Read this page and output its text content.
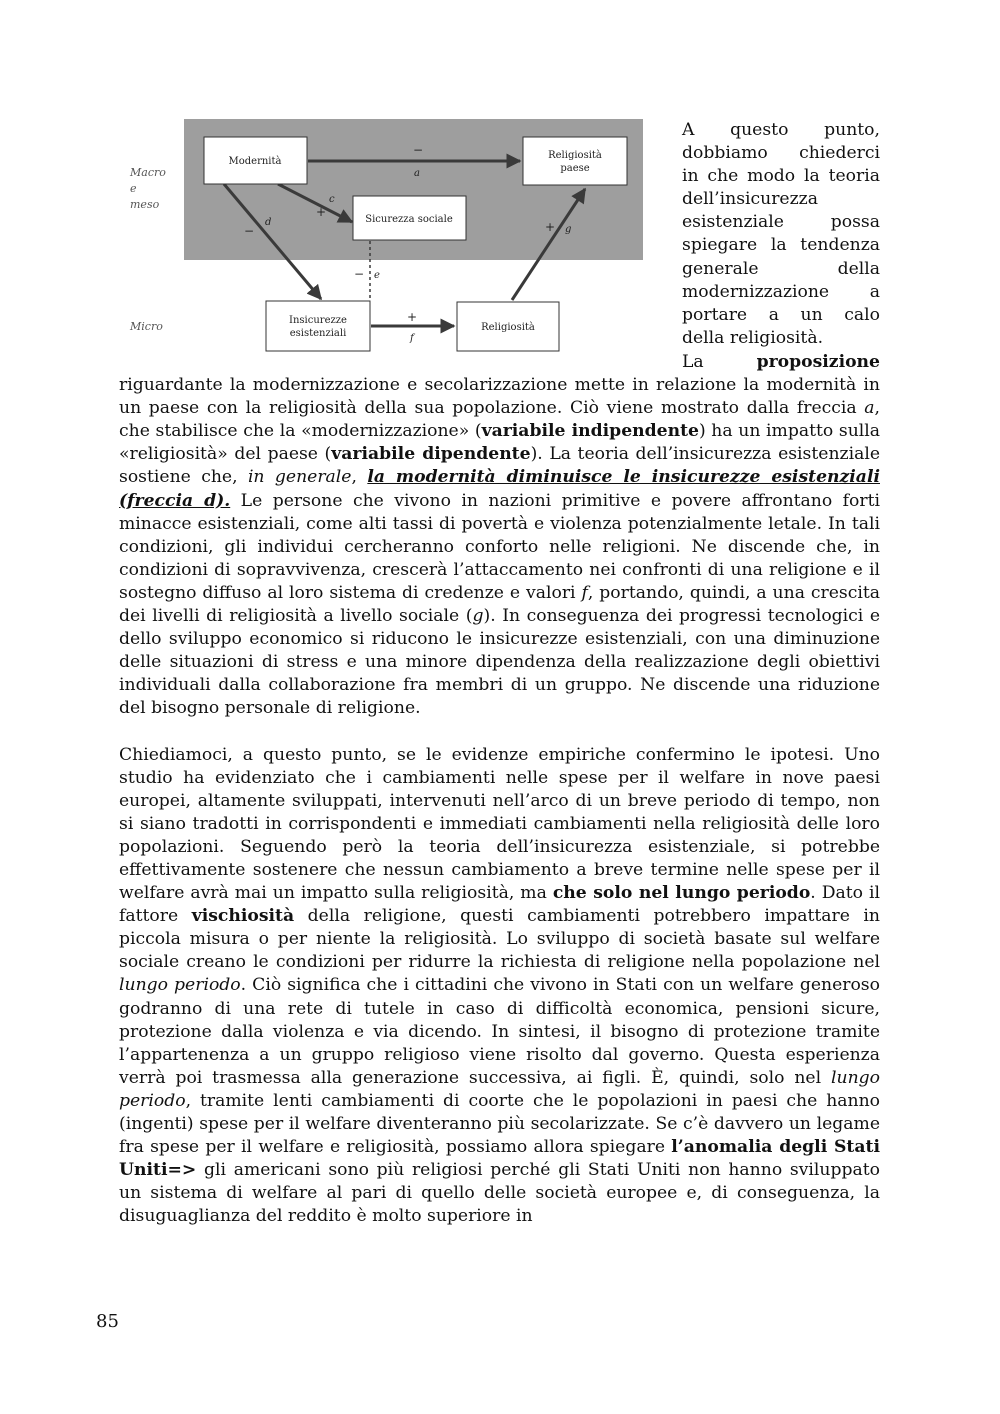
Macro
e
meso
Micro
−
a
+
c
−
d
− e
+
f
+ g
Modernità
Religiosità
paese
Sicurezza sociale
Insicurezze
esistenziali
Religiosità
A questo punto,
dobbiamo chiederci
in che modo la teoria
dell’insicurezza
esistenziale possa
spiegare la tendenza
generale della
modernizzazione a
portare a un calo
della religiosità.

La proposizione riguardante la modernizzazione e secolarizzazione mette in relazione la modernità in un paese con la religiosità della sua popolazione. Ciò viene mostrato dalla freccia a, che stabilisce che la «modernizzazione» (variabile indipendente) ha un impatto sulla «religiosità» del paese (variabile dipendente). La teoria dell’insicurezza esistenziale sostiene che, in generale, la modernità diminuisce le insicurezze esistenziali (freccia d). Le persone che vivono in nazioni primitive e povere affrontano forti minacce esistenziali, come alti tassi di povertà e violenza potenzialmente letale. In tali condizioni, gli individui cercheranno conforto nelle religioni. Ne discende che, in condizioni di sopravvivenza, crescerà l’attaccamento nei confronti di una religione e il sostegno diffuso al loro sistema di credenze e valori f, portando, quindi, a una crescita dei livelli di religiosità a livello sociale (g). In conseguenza dei progressi tecnologici e dello sviluppo economico si riducono le insicurezze esistenziali, con una diminuzione delle situazioni di stress e una minore dipendenza della realizzazione degli obiettivi individuali dalla collaborazione fra membri di un gruppo. Ne discende una riduzione del bisogno personale di religione.

Chiediamoci, a questo punto, se le evidenze empiriche confermino le ipotesi. Uno studio ha evidenziato che i cambiamenti nelle spese per il welfare in nove paesi europei, altamente sviluppati, intervenuti nell’arco di un breve periodo di tempo, non si siano tradotti in corrispondenti e immediati cambiamenti nella religiosità delle loro popolazioni. Seguendo però la teoria dell’insicurezza esistenziale, si potrebbe effettivamente sostenere che nessun cambiamento a breve termine nelle spese per il welfare avrà mai un impatto sulla religiosità, ma che solo nel lungo periodo. Dato il fattore vischiosità della religione, questi cambiamenti potrebbero impattare in piccola misura o per niente la religiosità. Lo sviluppo di società basate sul welfare sociale creano le condizioni per ridurre la richiesta di religione nella popolazione nel lungo periodo. Ciò significa che i cittadini che vivono in Stati con un welfare generoso godranno di una rete di tutele in caso di difficoltà economica, pensioni sicure, protezione dalla violenza e via dicendo. In sintesi, il bisogno di protezione tramite l’appartenenza a un gruppo religioso viene risolto dal governo. Questa esperienza verrà poi trasmessa alla generazione successiva, ai figli. È, quindi, solo nel lungo periodo, tramite lenti cambiamenti di coorte che le popolazioni in paesi che hanno (ingenti) spese per il welfare diventeranno più secolarizzate. Se c’è davvero un legame fra spese per il welfare e religiosità, possiamo allora spiegare l’anomalia degli Stati Uniti=> gli americani sono più religiosi perché gli Stati Uniti non hanno sviluppato un sistema di welfare al pari di quello delle società europee e, di conseguenza, la disuguaglianza del reddito è molto superiore in

85
